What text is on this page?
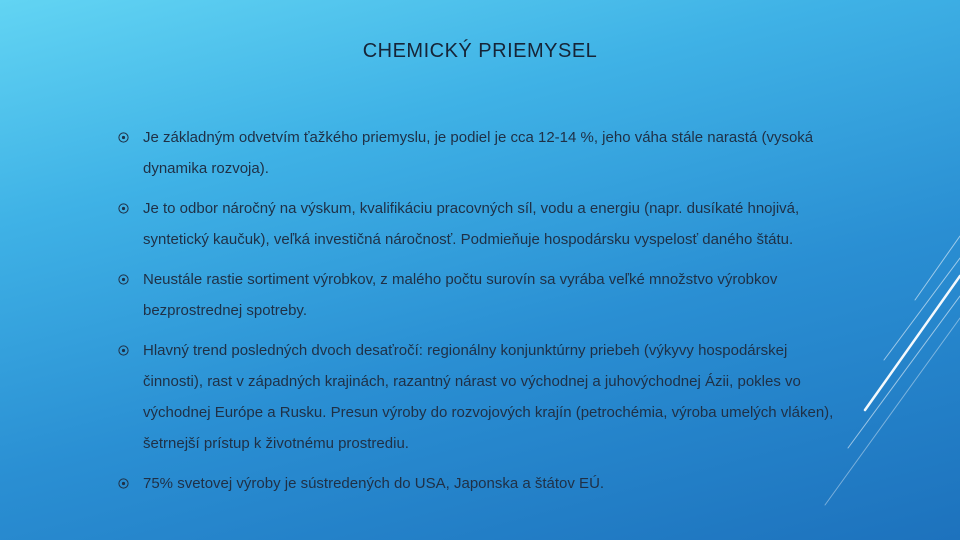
CHEMICKÝ PRIEMYSEL
Je základným odvetvím ťažkého priemyslu, je podiel je cca 12-14 %, jeho váha stále narastá (vysoká dynamika rozvoja).
Je to odbor náročný na výskum, kvalifikáciu pracovných síl, vodu a energiu (napr. dusíkaté hnojivá, syntetický kaučuk), veľká investičná náročnosť. Podmieňuje hospodársku vyspelosť daného štátu.
Neustále rastie sortiment výrobkov, z malého počtu surovín sa vyrába veľké množstvo výrobkov bezprostrednej spotreby.
Hlavný trend posledných dvoch desaťročí: regionálny konjunktúrny priebeh (výkyvy hospodárskej činnosti), rast v západných krajinách, razantný nárast vo východnej a juhovýchodnej Ázii, pokles vo východnej Európe a Rusku. Presun výroby do rozvojových krajín (petrochémia, výroba umelých vláken), šetrnejší prístup k životnému prostrediu.
75% svetovej výroby je sústredených do USA, Japonska a štátov EÚ.
